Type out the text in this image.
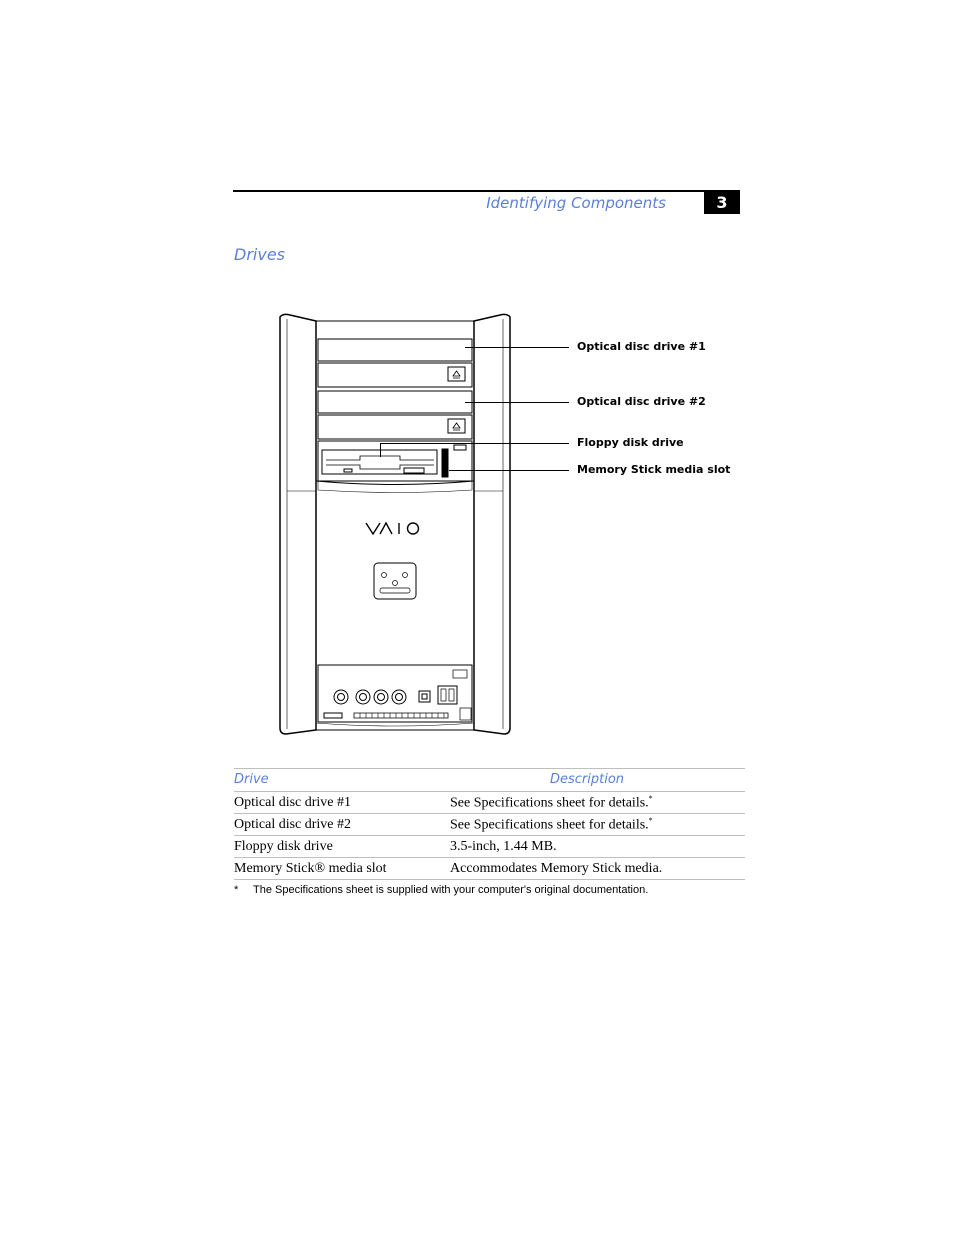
Identifying Components	3
Drives
Optical disc drive #1
Optical disc drive #2
Floppy disk drive
Memory Stick media slot
Drive	Description
Optical disc drive #1	See Specifications sheet for details.*
Optical disc drive #2	See Specifications sheet for details.*
Floppy disk drive	3.5-inch, 1.44 MB.
Memory Stick® media slot	Accommodates Memory Stick media.
* The Specifications sheet is supplied with your computer's original documentation.
